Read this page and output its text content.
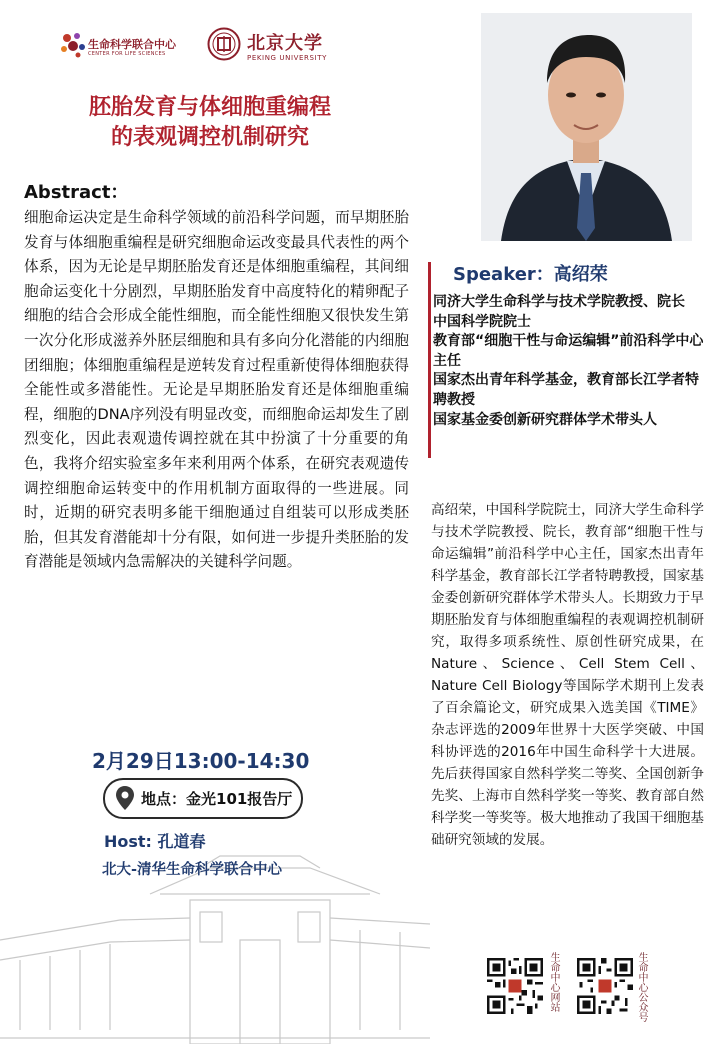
生命科学联合中心
CENTER FOR LIFE SCIENCES	北京大学
PEKING UNIVERSITY
胚胎发育与体细胞重编程
的表观调控机制研究
Abstract：
细胞命运决定是生命科学领域的前沿科学问题，而早期胚胎发育与体细胞重编程是研究细胞命运改变最具代表性的两个体系，因为无论是早期胚胎发育还是体细胞重编程，其间细胞命运变化十分剧烈，早期胚胎发育中高度特化的精卵配子细胞的结合会形成全能性细胞，而全能性细胞又很快发生第一次分化形成滋养外胚层细胞和具有多向分化潜能的内细胞团细胞；体细胞重编程是逆转发育过程重新使得体细胞获得全能性或多潜能性。无论是早期胚胎发育还是体细胞重编程，细胞的DNA序列没有明显改变，而细胞命运却发生了剧烈变化，因此表观遗传调控就在其中扮演了十分重要的角色，我将介绍实验室多年来利用两个体系，在研究表观遗传调控细胞命运转变中的作用机制方面取得的一些进展。同时，近期的研究表明多能干细胞通过自组装可以形成类胚胎，但其发育潜能却十分有限，如何进一步提升类胚胎的发育潜能是领域内急需解决的关键科学问题。
Speaker：高绍荣
同济大学生命科学与技术学院教授、院长
中国科学院院士
教育部“细胞干性与命运编辑”前沿科学中心主任
国家杰出青年科学基金，教育部长江学者特聘教授
国家基金委创新研究群体学术带头人
高绍荣，中国科学院院士，同济大学生命科学与技术学院教授、院长，教育部“细胞干性与命运编辑”前沿科学中心主任，国家杰出青年科学基金，教育部长江学者特聘教授，国家基金委创新研究群体学术带头人。长期致力于早期胚胎发育与体细胞重编程的表观调控机制研究，取得多项系统性、原创性研究成果，在Nature、Science、Cell Stem Cell、Nature Cell Biology等国际学术期刊上发表了百余篇论文，研究成果入选美国《TIME》杂志评选的2009年世界十大医学突破、中国科协评选的2016年中国生命科学十大进展。先后获得国家自然科学奖二等奖、全国创新争先奖、上海市自然科学奖一等奖、教育部自然科学奖一等奖等。极大地推动了我国干细胞基础研究领域的发展。
2月29日13:00-14:30
地点：金光101报告厅
Host: 孔道春
北大-清华生命科学联合中心
生命中心网站	生命中心公众号
